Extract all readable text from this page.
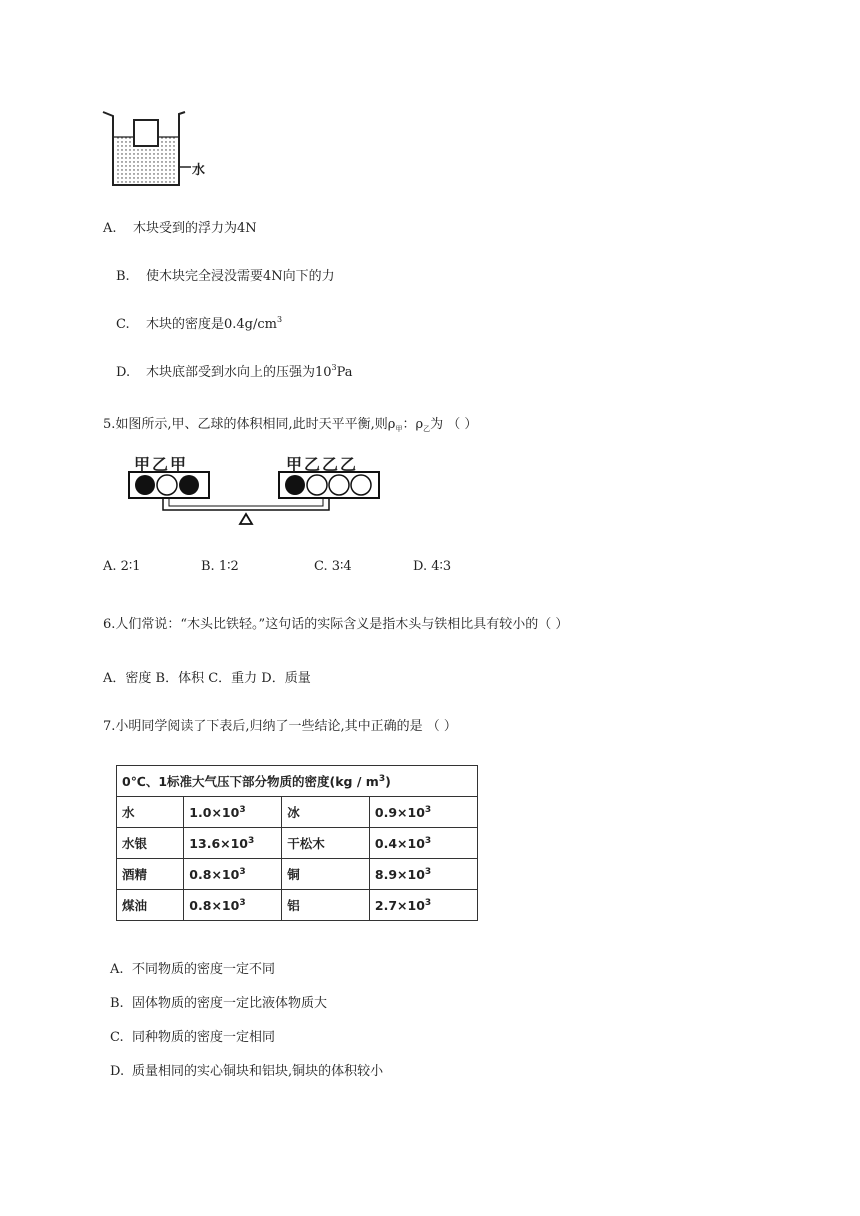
水
A. 木块受到的浮力为4N
B. 使木块完全浸没需要4N向下的力
C. 木块的密度是$0.4g/cm^3$
D. 木块底部受到水向上的压强为$10^3Pa$
5.如图所示,甲、乙球的体积相同,此时天平平衡,则$\rho_甲$：$\rho_乙$为 （ ）
甲乙甲	甲乙乙乙
A. 2∶1	B. 1∶2	C. 3∶4	D. 4∶3
6.人们常说：“木头比铁轻。”这句话的实际含义是指木头与铁相比具有较小的（ ）
A．密度 B．体积 C．重力 D．质量
7.小明同学阅读了下表后,归纳了一些结论,其中正确的是 （ ）
0℃、1标准大气压下部分物质的密度$(kg / m^3)$			
水	$1.0\times 10^3$	冰	$0.9\times 10^3$
水银	$13.6\times 10^3$	干松木	$0.4\times 10^3$
酒精	$0.8\times 10^3$	铜	$8.9\times 10^3$
煤油	$0.8\times 10^3$	铝	$2.7\times 10^3$
A. 不同物质的密度一定不同
B. 固体物质的密度一定比液体物质大
C. 同种物质的密度一定相同
D. 质量相同的实心铜块和铝块,铜块的体积较小
